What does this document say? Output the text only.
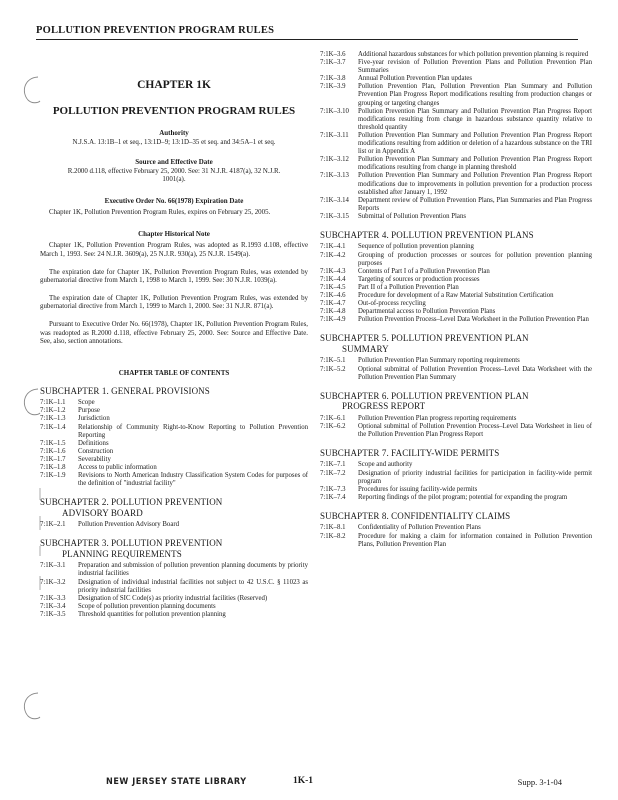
POLLUTION PREVENTION PROGRAM RULES
CHAPTER 1K
POLLUTION PREVENTION PROGRAM RULES
Authority
N.J.S.A. 13:1B–1 et seq., 13:1D–9; 13:1D–35 et seq. and 34:5A–1 et seq.
Source and Effective Date
R.2000 d.118, effective February 25, 2000. See: 31 N.J.R. 4187(a), 32 N.J.R. 1001(a).
Executive Order No. 66(1978) Expiration Date
Chapter 1K, Pollution Prevention Program Rules, expires on February 25, 2005.
Chapter Historical Note
Chapter 1K, Pollution Prevention Program Rules, was adopted as R.1993 d.108, effective March 1, 1993. See: 24 N.J.R. 3609(a), 25 N.J.R. 930(a), 25 N.J.R. 1549(a).
The expiration date for Chapter 1K, Pollution Prevention Program Rules, was extended by gubernatorial directive from March 1, 1998 to March 1, 1999. See: 30 N.J.R. 1039(a).
The expiration date of Chapter 1K, Pollution Prevention Program Rules, was extended by gubernatorial directive from March 1, 1999 to March 1, 2000. See: 31 N.J.R. 871(a).
Pursuant to Executive Order No. 66(1978), Chapter 1K, Pollution Prevention Program Rules, was readopted as R.2000 d.118, effective February 25, 2000. See: Source and Effective Date. See, also, section annotations.
CHAPTER TABLE OF CONTENTS
SUBCHAPTER 1. GENERAL PROVISIONS
7:1K–1.1	Scope
7:1K–1.2	Purpose
7:1K–1.3	Jurisdiction
7:1K–1.4	Relationship of Community Right-to-Know Reporting to Pollution Prevention Reporting
7:1K–1.5	Definitions
7:1K–1.6	Construction
7:1K–1.7	Severability
7:1K–1.8	Access to public information
7:1K–1.9	Revisions to North American Industry Classification System Codes for purposes of the definition of "industrial facility"
SUBCHAPTER 2. POLLUTION PREVENTION
ADVISORY BOARD
7:1K–2.1	Pollution Prevention Advisory Board
SUBCHAPTER 3. POLLUTION PREVENTION
PLANNING REQUIREMENTS
7:1K–3.1	Preparation and submission of pollution prevention planning documents by priority industrial facilities
7:1K–3.2	Designation of individual industrial facilities not subject to 42 U.S.C. § 11023 as priority industrial facilities
7:1K–3.3	Designation of SIC Code(s) as priority industrial facilities (Reserved)
7:1K–3.4	Scope of pollution prevention planning documents
7:1K–3.5	Threshold quantities for pollution prevention planning
7:1K–3.6	Additional hazardous substances for which pollution prevention planning is required
7:1K–3.7	Five-year revision of Pollution Prevention Plans and Pollution Prevention Plan Summaries
7:1K–3.8	Annual Pollution Prevention Plan updates
7:1K–3.9	Pollution Prevention Plan, Pollution Prevention Plan Summary and Pollution Prevention Plan Progress Report modifications resulting from production changes or grouping or targeting changes
7:1K–3.10	Pollution Prevention Plan Summary and Pollution Prevention Plan Progress Report modifications resulting from change in hazardous substance quantity relative to threshold quantity
7:1K–3.11	Pollution Prevention Plan Summary and Pollution Prevention Plan Progress Report modifications resulting from addition or deletion of a hazardous substance on the TRI list or in Appendix A
7:1K–3.12	Pollution Prevention Plan Summary and Pollution Prevention Plan Progress Report modifications resulting from change in planning threshold
7:1K–3.13	Pollution Prevention Plan Summary and Pollution Prevention Plan Progress Report modifications due to improvements in pollution prevention for a production process established after January 1, 1992
7:1K–3.14	Department review of Pollution Prevention Plans, Plan Summaries and Plan Progress Reports
7:1K–3.15	Submittal of Pollution Prevention Plans
SUBCHAPTER 4. POLLUTION PREVENTION PLANS
7:1K–4.1	Sequence of pollution prevention planning
7:1K–4.2	Grouping of production processes or sources for pollution prevention planning purposes
7:1K–4.3	Contents of Part I of a Pollution Prevention Plan
7:1K–4.4	Targeting of sources or production processes
7:1K–4.5	Part II of a Pollution Prevention Plan
7:1K–4.6	Procedure for development of a Raw Material Substitution Certification
7:1K–4.7	Out-of-process recycling
7:1K–4.8	Departmental access to Pollution Prevention Plans
7:1K–4.9	Pollution Prevention Process–Level Data Worksheet in the Pollution Prevention Plan
SUBCHAPTER 5. POLLUTION PREVENTION PLAN
SUMMARY
7:1K–5.1	Pollution Prevention Plan Summary reporting requirements
7:1K–5.2	Optional submittal of Pollution Prevention Process–Level Data Worksheet with the Pollution Prevention Plan Summary
SUBCHAPTER 6. POLLUTION PREVENTION PLAN
PROGRESS REPORT
7:1K–6.1	Pollution Prevention Plan progress reporting requirements
7:1K–6.2	Optional submittal of Pollution Prevention Process–Level Data Worksheet in lieu of the Pollution Prevention Plan Progress Report
SUBCHAPTER 7. FACILITY-WIDE PERMITS
7:1K–7.1	Scope and authority
7:1K–7.2	Designation of priority industrial facilities for participation in facility-wide permit program
7:1K–7.3	Procedures for issuing facility-wide permits
7:1K–7.4	Reporting findings of the pilot program; potential for expanding the program
SUBCHAPTER 8. CONFIDENTIALITY CLAIMS
7:1K–8.1	Confidentiality of Pollution Prevention Plans
7:1K–8.2	Procedure for making a claim for information contained in Pollution Prevention Plans, Pollution Prevention Plan
NEW JERSEY STATE LIBRARY	1K-1	Supp. 3-1-04
